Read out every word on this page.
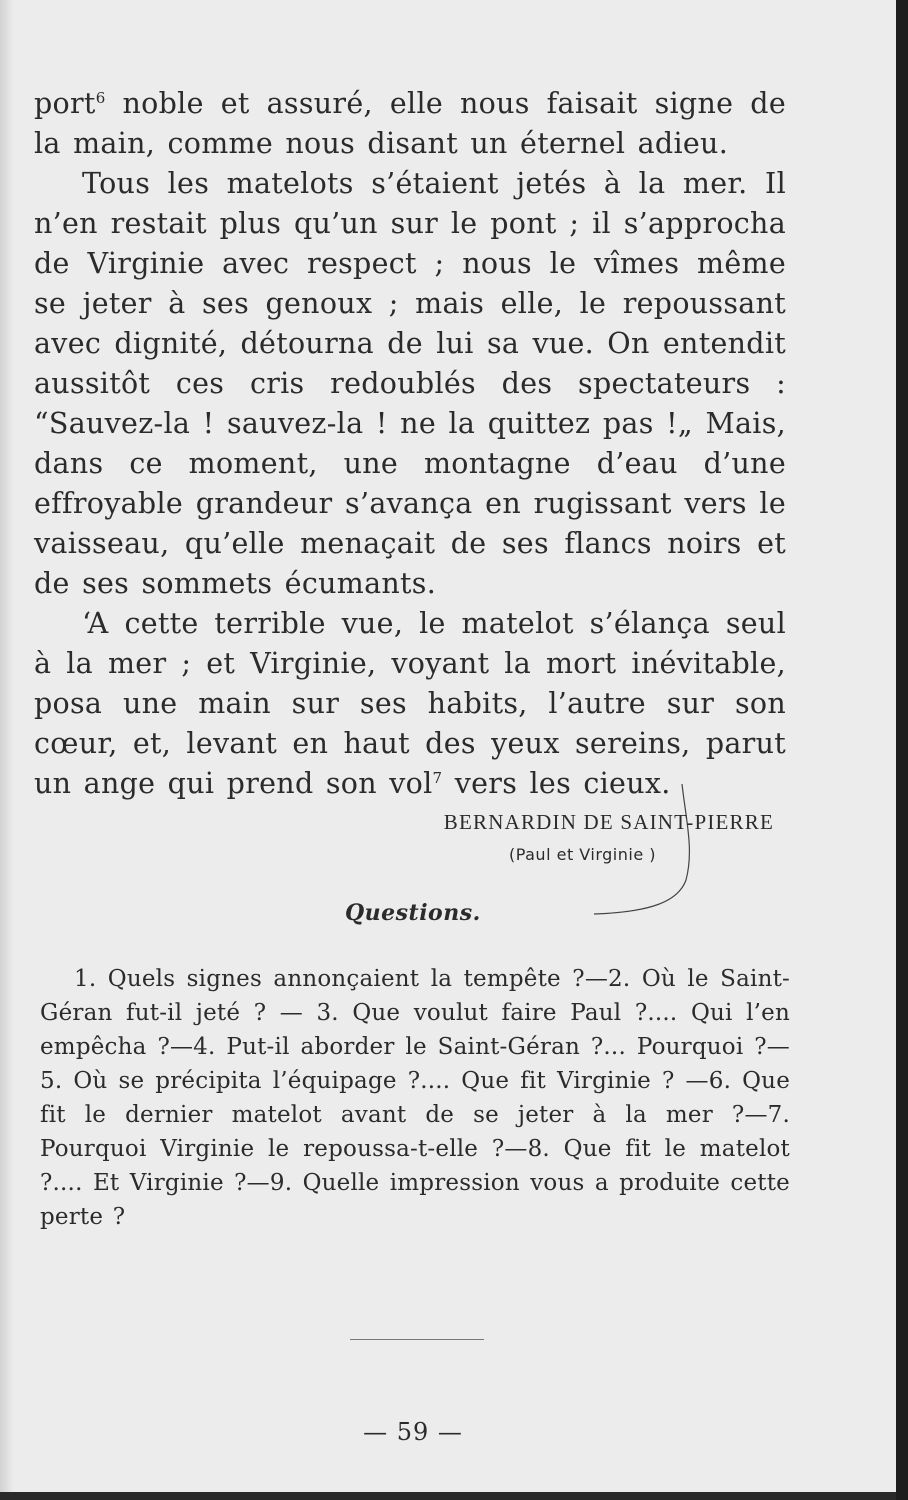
port$^6$ noble et assuré, elle nous faisait signe de la main, comme nous disant un éternel adieu.

Tous les matelots s’étaient jetés à la mer. Il n’en restait plus qu’un sur le pont ; il s’approcha de Virginie avec respect ; nous le vîmes même se jeter à ses genoux ; mais elle, le repoussant avec dignité, détourna de lui sa vue. On entendit aussitôt ces cris redoublés des spectateurs : “Sauvez-la ! sauvez-la ! ne la quittez pas !„ Mais, dans ce moment, une montagne d’eau d’une effroyable grandeur s’avança en rugissant vers le vaisseau, qu’elle menaçait de ses flancs noirs et de ses sommets écumants.

‘A cette terrible vue, le matelot s’élança seul à la mer ; et Virginie, voyant la mort inévitable, posa une main sur ses habits, l’autre sur son cœur, et, levant en haut des yeux sereins, parut un ange qui prend son vol$^7$ vers les cieux.

BERNARDIN DE SAINT-PIERRE
(Paul et Virginie )
Questions.
1. Quels signes annonçaient la tempête ?—2. Où le Saint-Géran fut-il jeté ? — 3. Que voulut faire Paul ?.... Qui l’en empêcha ?—4. Put-il aborder le Saint-Géran ?... Pourquoi ?—5. Où se précipita l’équipage ?.... Que fit Virginie ? —6. Que fit le dernier matelot avant de se jeter à la mer ?—7. Pourquoi Virginie le repoussa-t-elle ?—8. Que fit le matelot ?.... Et Virginie ?—9. Quelle impression vous a produite cette perte ?
— 59 —
